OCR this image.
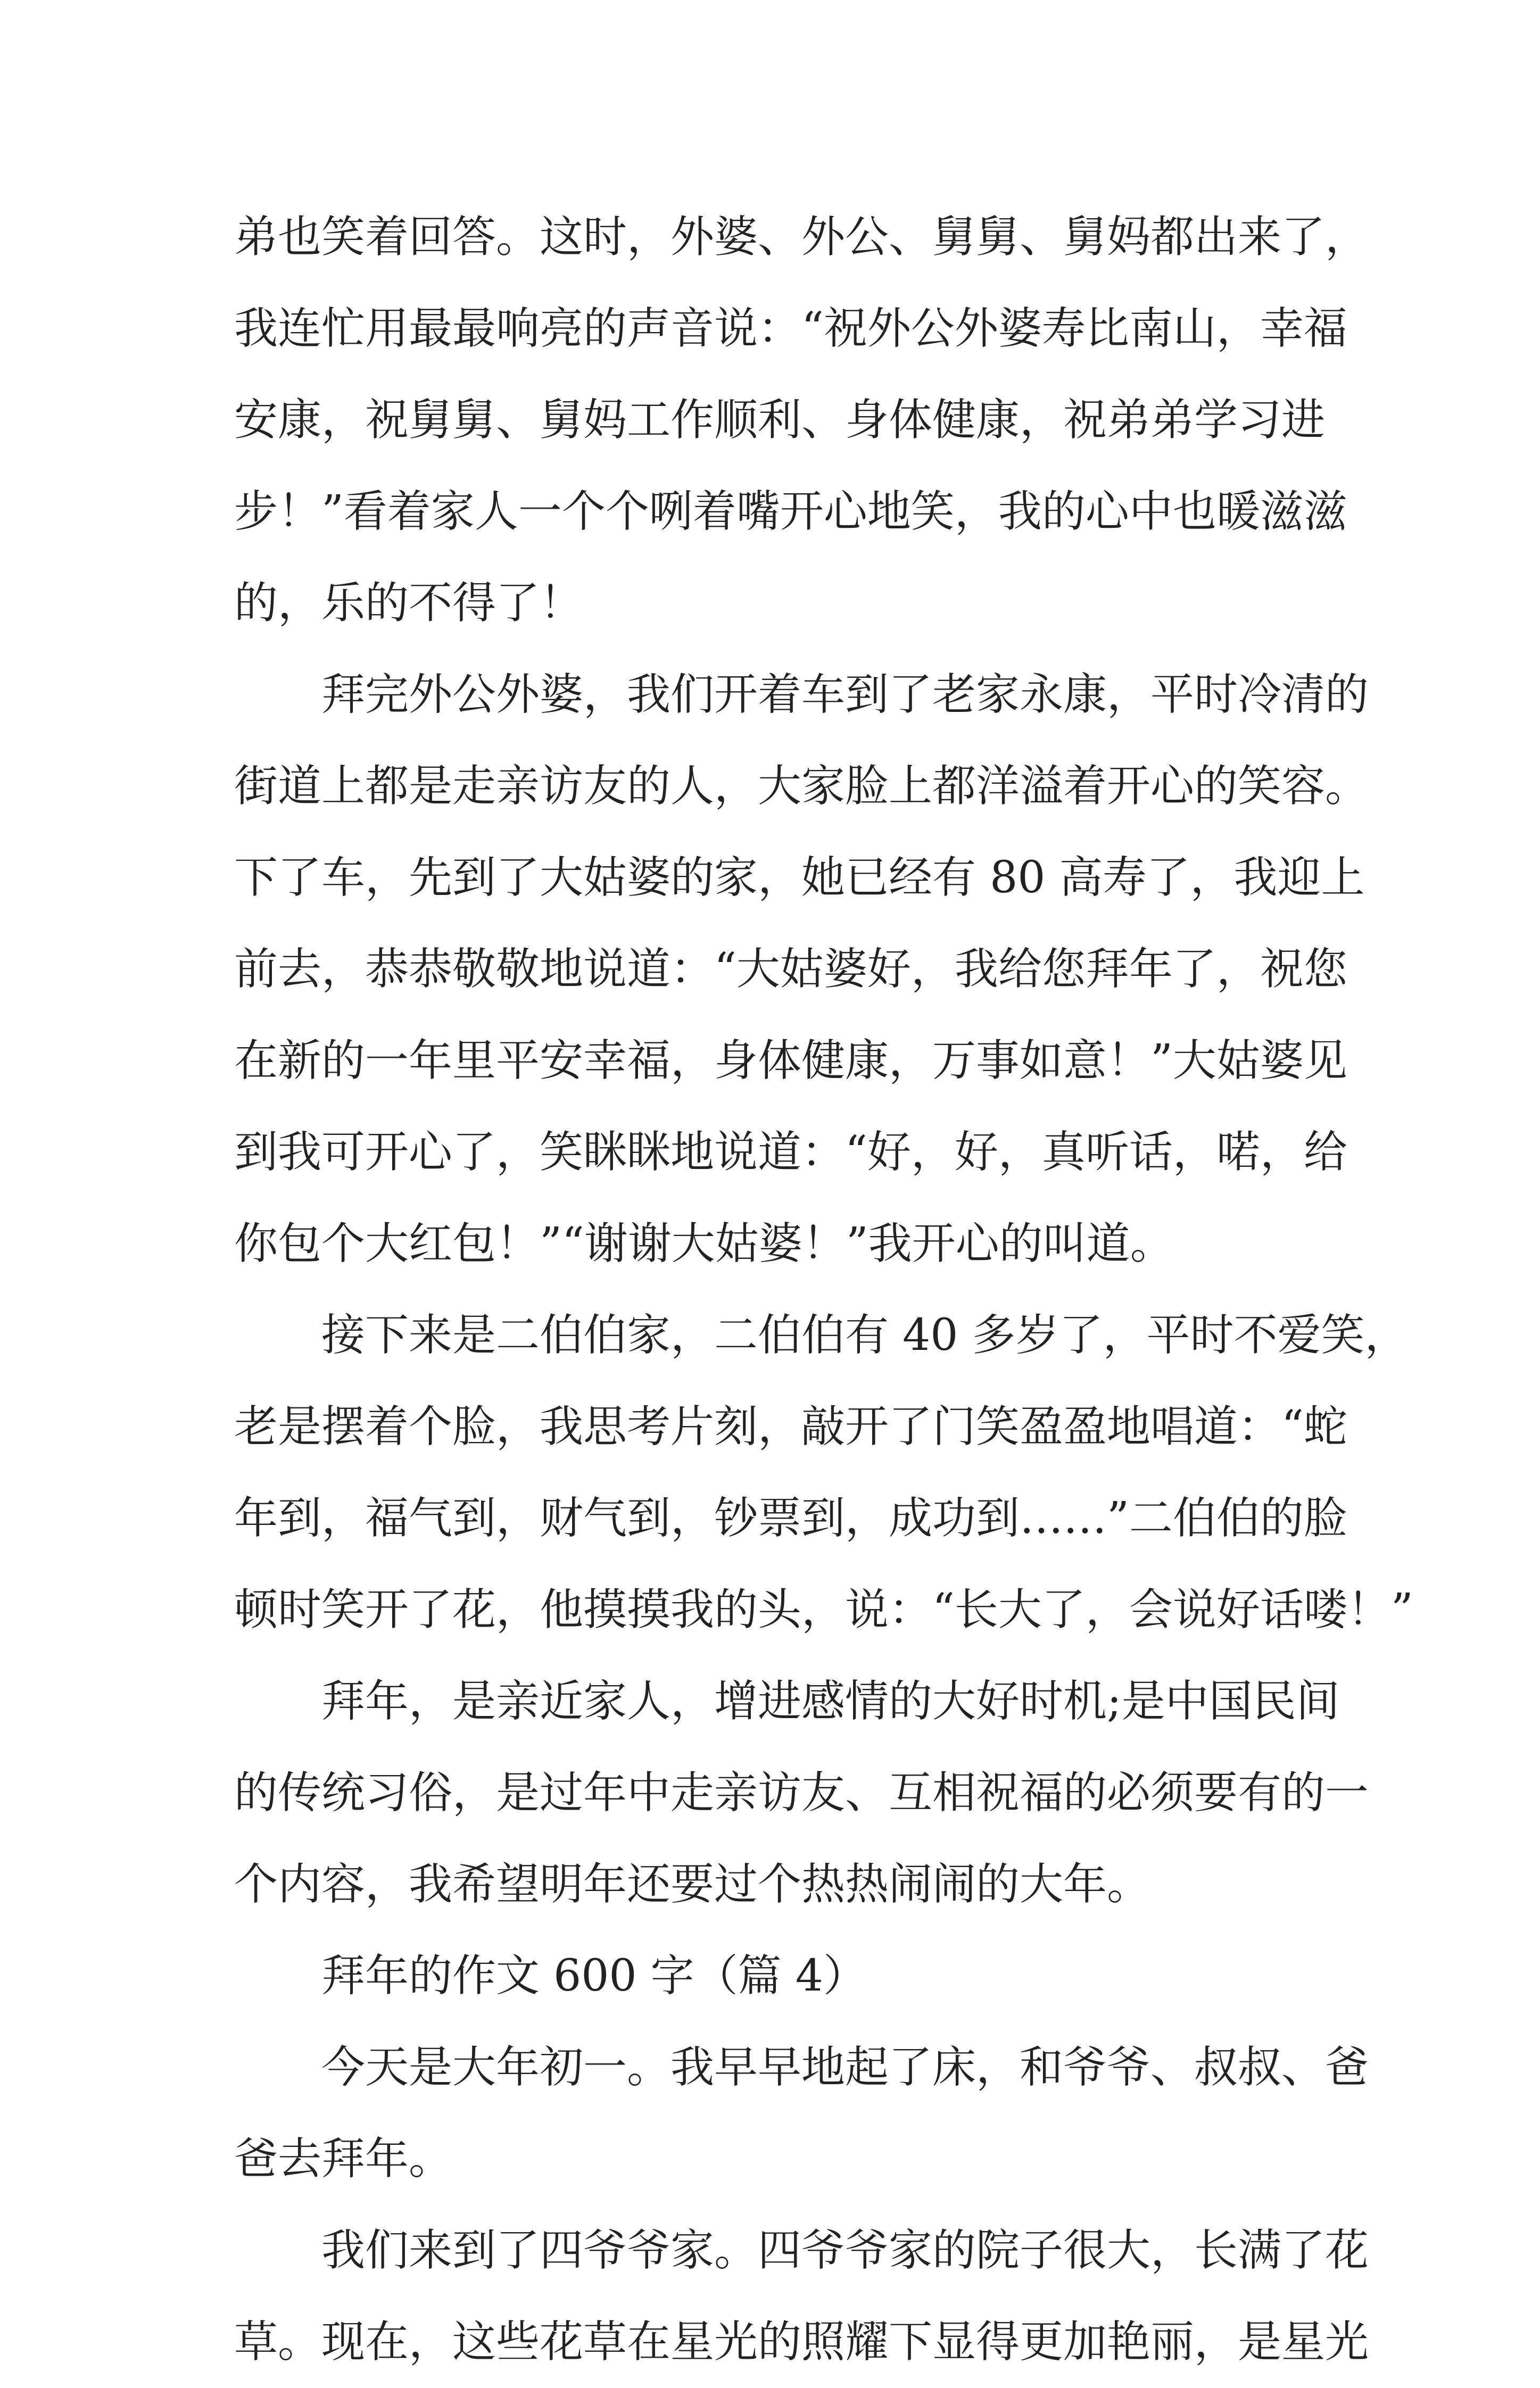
弟也笑着回答。这时，外婆、外公、舅舅、舅妈都出来了，
我连忙用最最响亮的声音说：“祝外公外婆寿比南山，幸福
安康，祝舅舅、舅妈工作顺利、身体健康，祝弟弟学习进
步！”看着家人一个个咧着嘴开心地笑，我的心中也暖滋滋
的，乐的不得了！
拜完外公外婆，我们开着车到了老家永康，平时冷清的
街道上都是走亲访友的人，大家脸上都洋溢着开心的笑容。
下了车，先到了大姑婆的家，她已经有 80 高寿了，我迎上
前去，恭恭敬敬地说道：“大姑婆好，我给您拜年了，祝您
在新的一年里平安幸福，身体健康，万事如意！”大姑婆见
到我可开心了，笑眯眯地说道：“好，好，真听话，喏，给
你包个大红包！”“谢谢大姑婆！”我开心的叫道。
接下来是二伯伯家，二伯伯有 40 多岁了，平时不爱笑，
老是摆着个脸，我思考片刻，敲开了门笑盈盈地唱道：“蛇
年到，福气到，财气到，钞票到，成功到……”二伯伯的脸
顿时笑开了花，他摸摸我的头，说：“长大了，会说好话喽！”
拜年，是亲近家人，增进感情的大好时机;是中国民间
的传统习俗，是过年中走亲访友、互相祝福的必须要有的一
个内容，我希望明年还要过个热热闹闹的大年。
拜年的作文 600 字（篇 4）
今天是大年初一。我早早地起了床，和爷爷、叔叔、爸
爸去拜年。
我们来到了四爷爷家。四爷爷家的院子很大，长满了花
草。现在，这些花草在星光的照耀下显得更加艳丽，是星光
